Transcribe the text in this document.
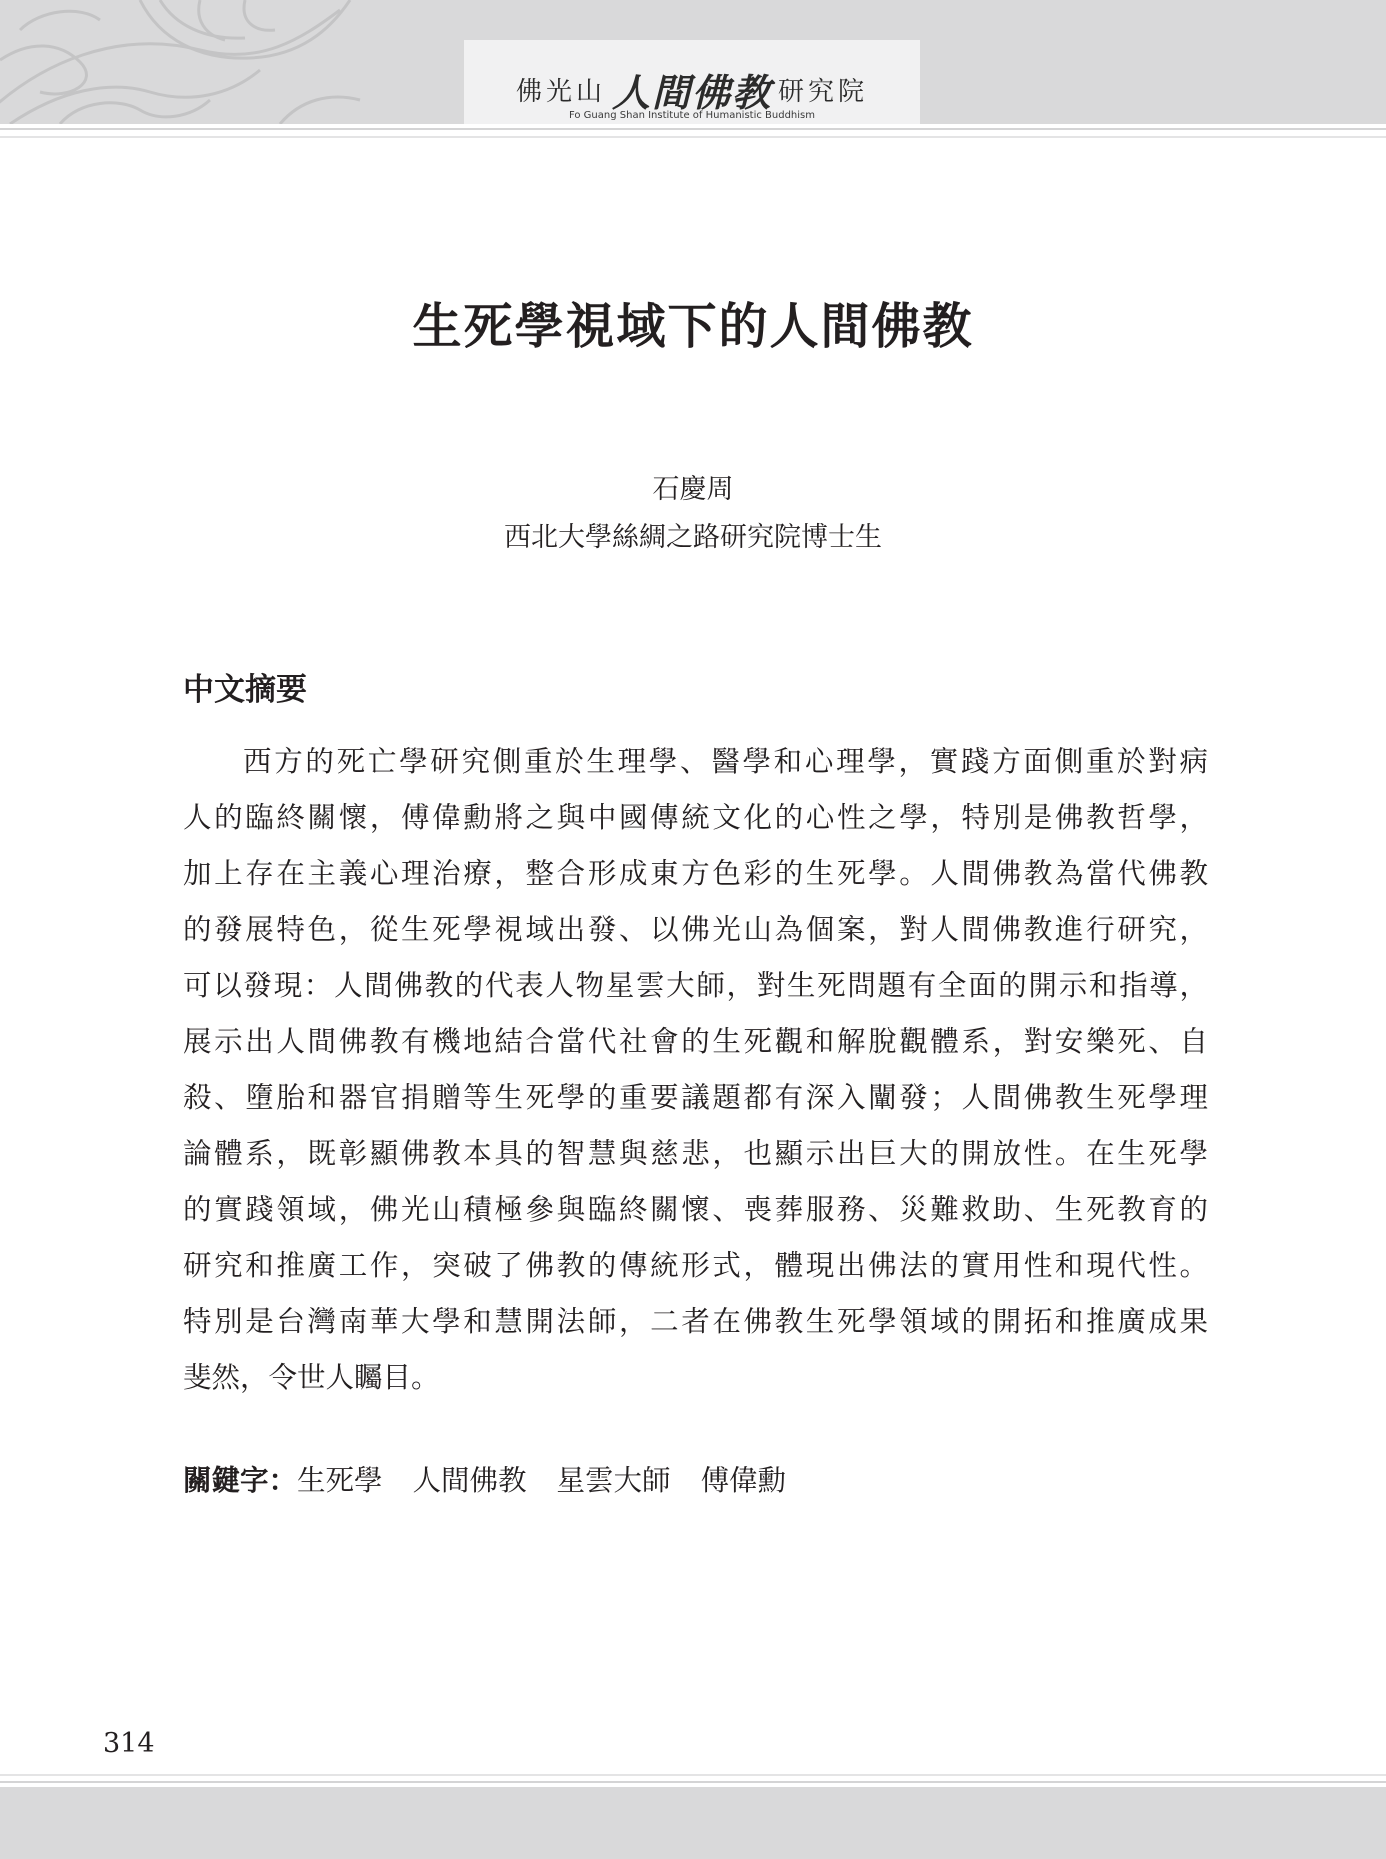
佛光山 人間佛教 研究院
Fo Guang Shan Institute of Humanistic Buddhism
生死學視域下的人間佛教
石慶周
西北大學絲綢之路研究院博士生
中文摘要
西方的死亡學研究側重於生理學、醫學和心理學，實踐方面側重於對病
人的臨終關懷，傅偉勳將之與中國傳統文化的心性之學，特別是佛教哲學，
加上存在主義心理治療，整合形成東方色彩的生死學。人間佛教為當代佛教
的發展特色，從生死學視域出發、以佛光山為個案，對人間佛教進行研究，
可以發現：人間佛教的代表人物星雲大師，對生死問題有全面的開示和指導，
展示出人間佛教有機地結合當代社會的生死觀和解脫觀體系，對安樂死、自
殺、墮胎和器官捐贈等生死學的重要議題都有深入闡發；人間佛教生死學理
論體系，既彰顯佛教本具的智慧與慈悲，也顯示出巨大的開放性。在生死學
的實踐領域，佛光山積極參與臨終關懷、喪葬服務、災難救助、生死教育的
研究和推廣工作，突破了佛教的傳統形式，體現出佛法的實用性和現代性。
特別是台灣南華大學和慧開法師，二者在佛教生死學領域的開拓和推廣成果
斐然，令世人矚目。
關鍵字：生死學 人間佛教 星雲大師 傅偉勳
314
